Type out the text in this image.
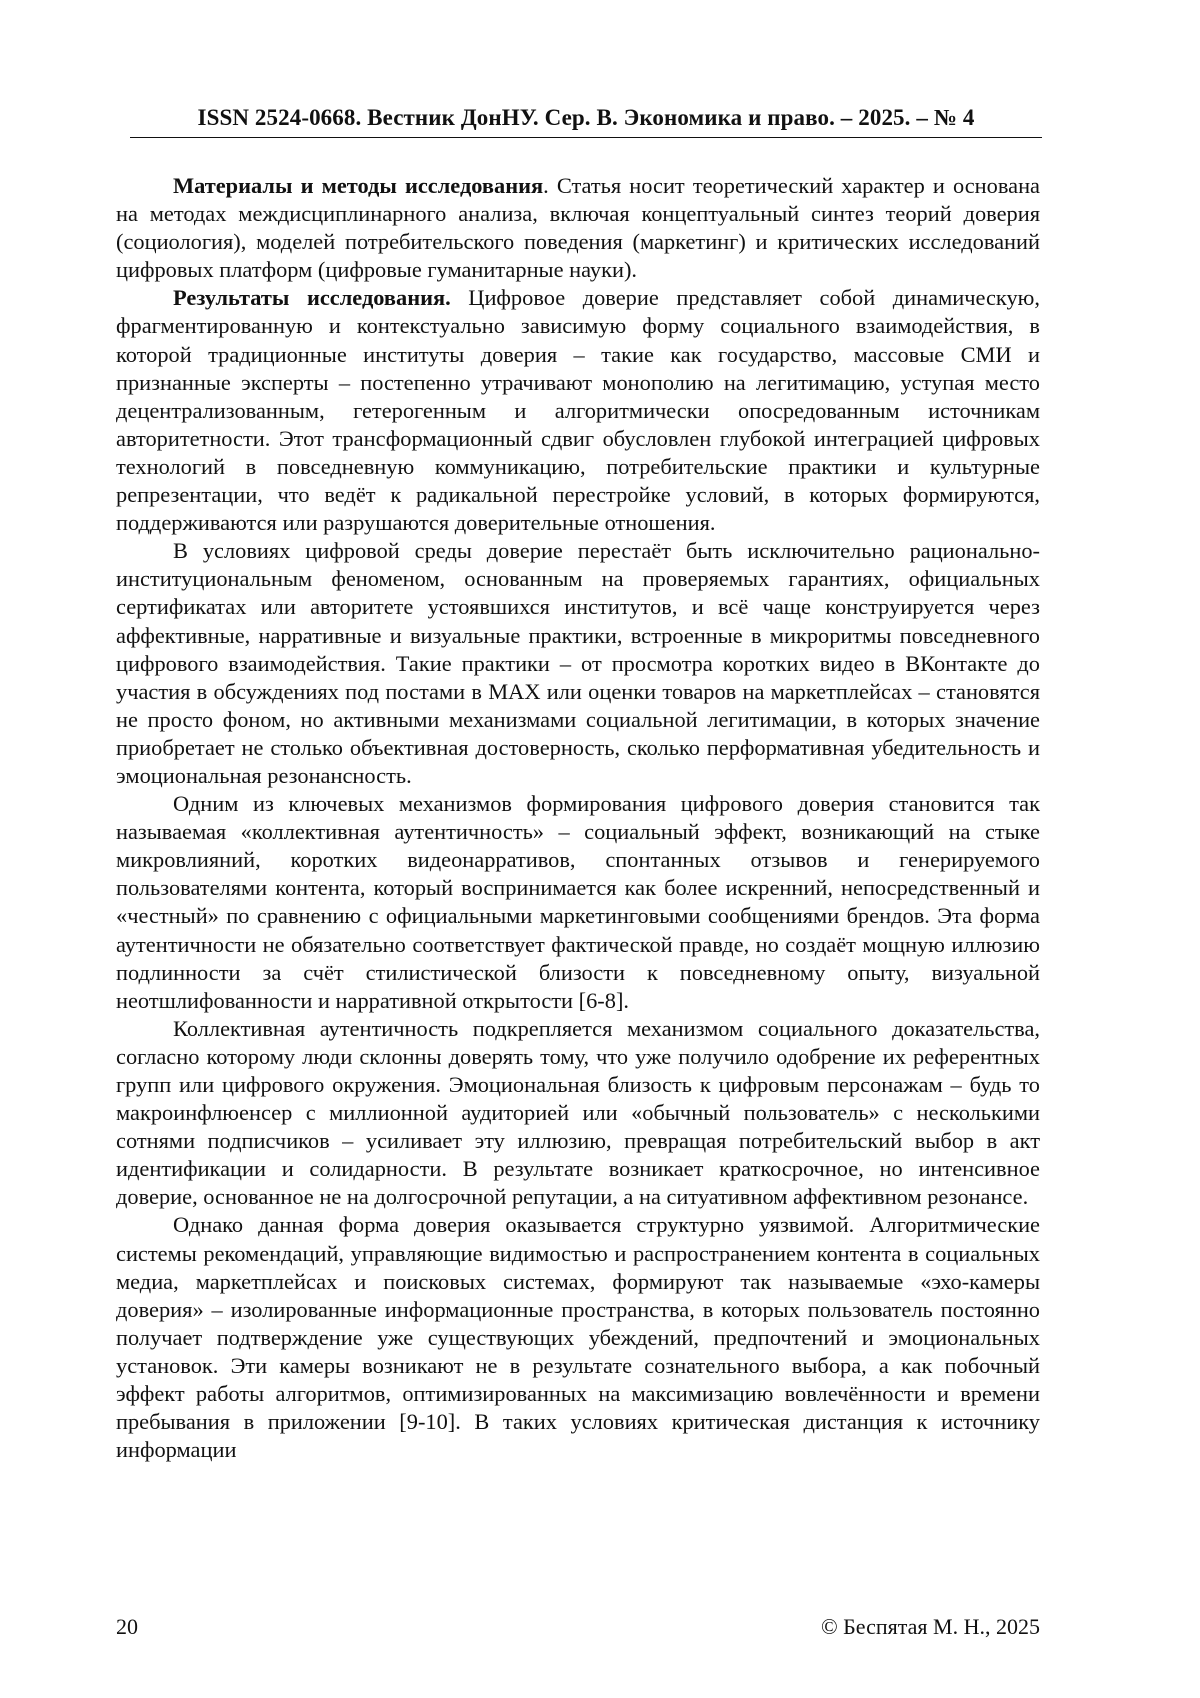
ISSN 2524-0668. Вестник ДонНУ. Сер. В. Экономика и право. – 2025. – № 4

Материалы и методы исследования. Статья носит теоретический характер и основана на методах междисциплинарного анализа, включая концептуальный синтез теорий доверия (социология), моделей потребительского поведения (маркетинг) и критических исследований цифровых платформ (цифровые гуманитарные науки).

Результаты исследования. Цифровое доверие представляет собой динамическую, фрагментированную и контекстуально зависимую форму социального взаимодействия, в которой традиционные институты доверия – такие как государство, массовые СМИ и признанные эксперты – постепенно утрачивают монополию на легитимацию, уступая место децентрализованным, гетерогенным и алгоритмически опосредованным источникам авторитетности. Этот трансформационный сдвиг обусловлен глубокой интеграцией цифровых технологий в повседневную коммуникацию, потребительские практики и культурные репрезентации, что ведёт к радикальной перестройке условий, в которых формируются, поддерживаются или разрушаются доверительные отношения.

В условиях цифровой среды доверие перестаёт быть исключительно рационально-институциональным феноменом, основанным на проверяемых гарантиях, официальных сертификатах или авторитете устоявшихся институтов, и всё чаще конструируется через аффективные, нарративные и визуальные практики, встроенные в микроритмы повседневного цифрового взаимодействия. Такие практики – от просмотра коротких видео в ВКонтакте до участия в обсуждениях под постами в MAX или оценки товаров на маркетплейсах – становятся не просто фоном, но активными механизмами социальной легитимации, в которых значение приобретает не столько объективная достоверность, сколько перформативная убедительность и эмоциональная резонансность.

Одним из ключевых механизмов формирования цифрового доверия становится так называемая «коллективная аутентичность» – социальный эффект, возникающий на стыке микровлияний, коротких видеонарративов, спонтанных отзывов и генерируемого пользователями контента, который воспринимается как более искренний, непосредственный и «честный» по сравнению с официальными маркетинговыми сообщениями брендов. Эта форма аутентичности не обязательно соответствует фактической правде, но создаёт мощную иллюзию подлинности за счёт стилистической близости к повседневному опыту, визуальной неотшлифованности и нарративной открытости [6-8].

Коллективная аутентичность подкрепляется механизмом социального доказательства, согласно которому люди склонны доверять тому, что уже получило одобрение их референтных групп или цифрового окружения. Эмоциональная близость к цифровым персонажам – будь то макроинфлюенсер с миллионной аудиторией или «обычный пользователь» с несколькими сотнями подписчиков – усиливает эту иллюзию, превращая потребительский выбор в акт идентификации и солидарности. В результате возникает краткосрочное, но интенсивное доверие, основанное не на долгосрочной репутации, а на ситуативном аффективном резонансе.

Однако данная форма доверия оказывается структурно уязвимой. Алгоритмические системы рекомендаций, управляющие видимостью и распространением контента в социальных медиа, маркетплейсах и поисковых системах, формируют так называемые «эхо-камеры доверия» – изолированные информационные пространства, в которых пользователь постоянно получает подтверждение уже существующих убеждений, предпочтений и эмоциональных установок. Эти камеры возникают не в результате сознательного выбора, а как побочный эффект работы алгоритмов, оптимизированных на максимизацию вовлечённости и времени пребывания в приложении [9-10]. В таких условиях критическая дистанция к источнику информации

20	© Беспятая М. Н., 2025
